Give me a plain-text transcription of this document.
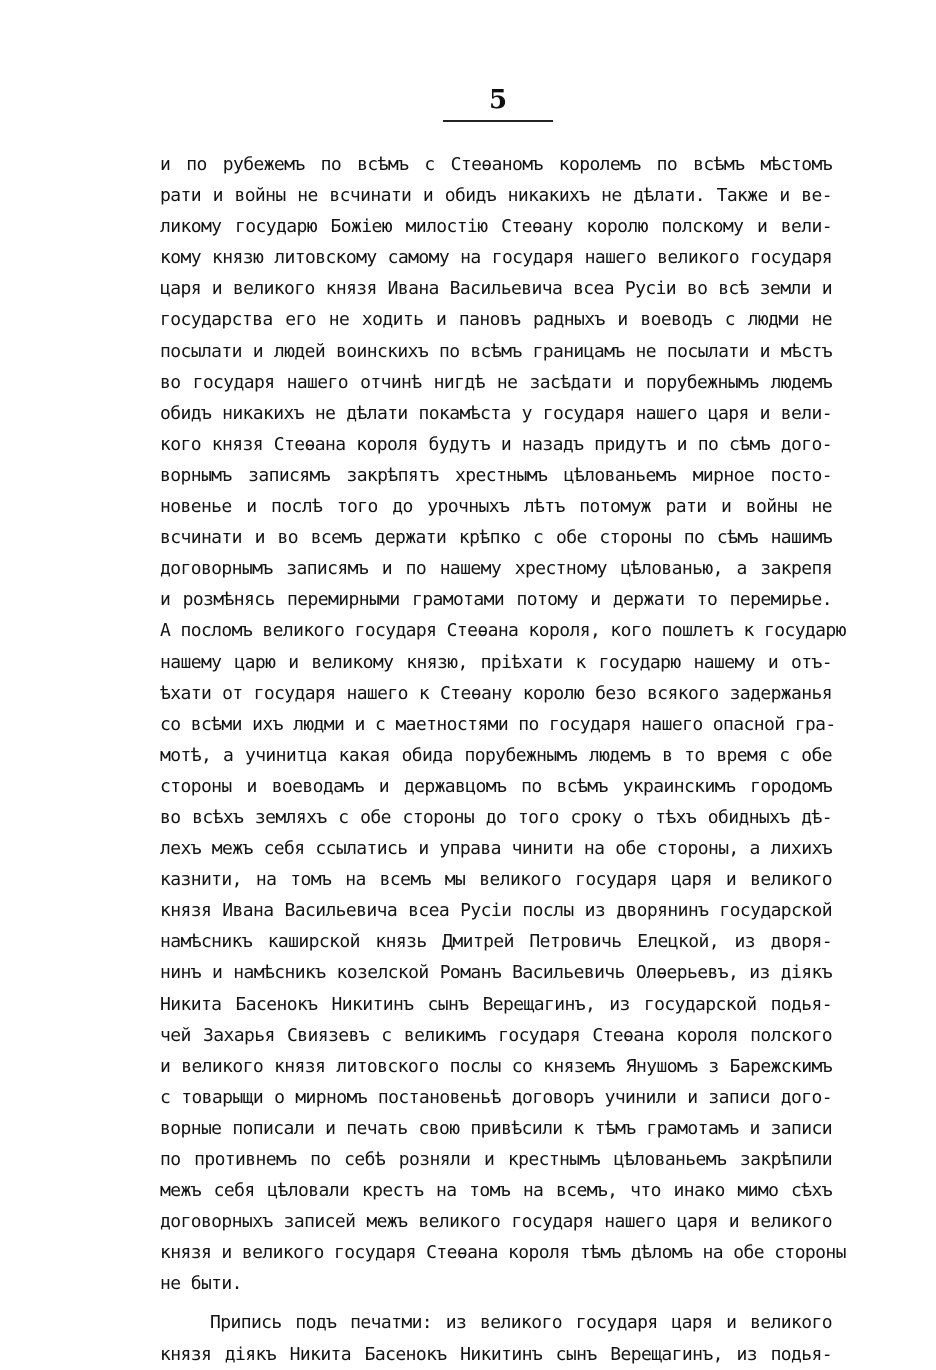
5
и по рубежемъ по всѣмъ с Стеѳаномъ королемъ по всѣмъ мѣстомъ
рати и войны не всчинати и обидъ никакихъ не дѣлати. Также и ве-
ликому государю Божіею милостію Стеѳану королю полскому и вели-
кому князю литовскому самому на государя нашего великого государя
царя и великого князя Ивана Васильевича всеа Русіи во всѣ земли и
государства его не ходить и пановъ радныхъ и воеводъ с людми не
посылати и людей воинскихъ по всѣмъ границамъ не посылати и мѣстъ
во государя нашего отчинѣ нигдѣ не засѣдати и порубежнымъ людемъ
обидъ никакихъ не дѣлати покамѣста у государя нашего царя и вели-
кого князя Стеѳана короля будутъ и назадъ придутъ и по сѣмъ дого-
ворнымъ записямъ закрѣпятъ хрестнымъ цѣлованьемъ мирное посто-
новенье и послѣ того до урочныхъ лѣтъ потомуж рати и войны не
всчинати и во всемъ держати крѣпко с обе стороны по сѣмъ нашимъ
договорнымъ записямъ и по нашему хрестному цѣлованью, а закрепя
и розмѣнясь перемирными грамотами потому и держати то перемирье.
А посломъ великого государя Стеѳана короля, кого пошлетъ к государю
нашему царю и великому князю, пріѣхати к государю нашему и отъ-
ѣхати от государя нашего к Стеѳану королю безо всякого задержанья
со всѣми ихъ людми и с маетностями по государя нашего опасной гра-
мотѣ, а учинитца какая обида порубежнымъ людемъ в то время с обе
стороны и воеводамъ и державцомъ по всѣмъ украинскимъ городомъ
во всѣхъ земляхъ с обе стороны до того сроку о тѣхъ обидныхъ дѣ-
лехъ межъ себя ссылатись и управа чинити на обе стороны, а лихихъ
казнити, на томъ на всемъ мы великого государя царя и великого
князя Ивана Васильевича всеа Русіи послы из дворянинъ государской
намѣсникъ каширской князь Дмитрей Петровичь Елецкой, из дворя-
нинъ и намѣсникъ козелской Романъ Васильевичь Олѳерьевъ, из діякъ
Никита Басенокъ Никитинъ сынъ Верещагинъ, из государской подья-
чей Захарья Свиязевъ с великимъ государя Стеѳана короля полского
и великого князя литовского послы со княземъ Янушомъ з Барежскимъ
с товарыщи о мирномъ постановеньѣ договоръ учинили и записи дого-
ворные пописали и печать свою привѣсили к тѣмъ грамотамъ и записи
по противнемъ по себѣ розняли и крестнымъ цѣлованьемъ закрѣпили
межъ себя цѣловали крестъ на томъ на всемъ, что инако мимо сѣхъ
договорныхъ записей межъ великого государя нашего царя и великого
князя и великого государя Стеѳана короля тѣмъ дѣломъ на обе стороны
не быти.
Припись подъ печатми: из великого государя царя и великого
князя діякъ Никита Басенокъ Никитинъ сынъ Верещагинъ, из подья-
